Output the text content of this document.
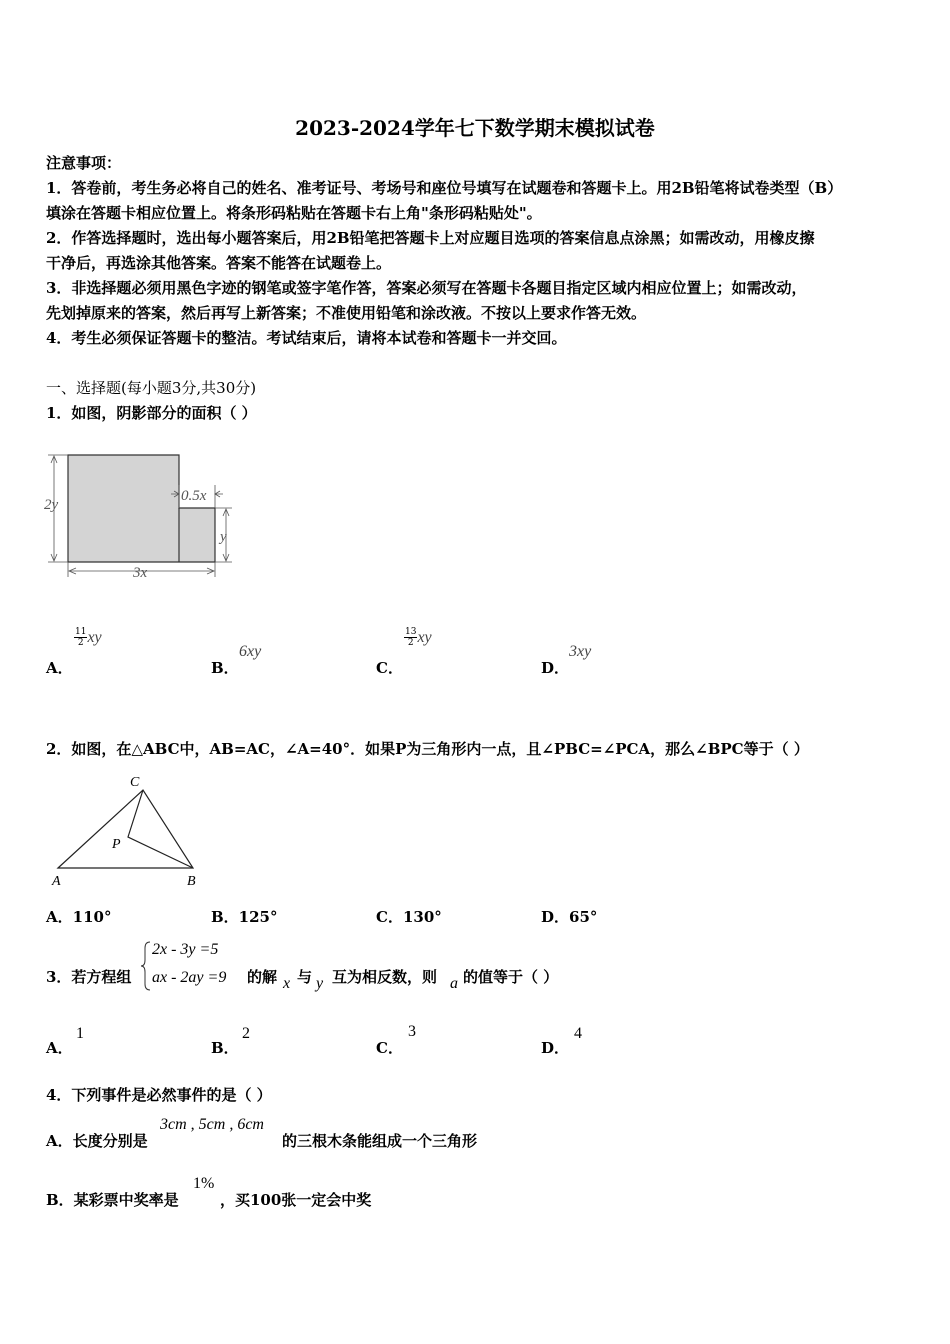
2023-2024学年七下数学期末模拟试卷
注意事项：
1．答卷前，考生务必将自己的姓名、准考证号、考场号和座位号填写在试题卷和答题卡上。用2B铅笔将试卷类型（B）
填涂在答题卡相应位置上。将条形码粘贴在答题卡右上角"条形码粘贴处"。
2．作答选择题时，选出每小题答案后，用2B铅笔把答题卡上对应题目选项的答案信息点涂黑；如需改动，用橡皮擦
干净后，再选涂其他答案。答案不能答在试题卷上。
3．非选择题必须用黑色字迹的钢笔或签字笔作答，答案必须写在答题卡各题目指定区域内相应位置上；如需改动，
先划掉原来的答案，然后再写上新答案；不准使用铅笔和涂改液。不按以上要求作答无效。
4．考生必须保证答题卡的整洁。考试结束后，请将本试卷和答题卡一并交回。
一、选择题(每小题3分,共30分)
1．如图，阴影部分的面积（ ）
2y
0.5x
y
3x
A．
$\frac{11}{2}$ xy
B．
6xy
C．
$\frac{13}{2}$ xy
D．
3xy
2．如图，在△ABC中，AB=AC，∠A=40°．如果P为三角形内一点，且∠PBC=∠PCA，那么∠BPC等于（ ）
A	B
C
P
A．110°	B．125°	C．130°	D．65°
3．若方程组
2x - 3y =5
ax - 2ay =9 的解 x 与 y 互为相反数，则 a 的值等于（ ）
A．
1
B．
2
C．
3
D．
4
4．下列事件是必然事件的是（ ）
A．长度分别是
3cm , 5cm , 6cm
的三根木条能组成一个三角形
B．某彩票中奖率是
1%
，买100张一定会中奖
